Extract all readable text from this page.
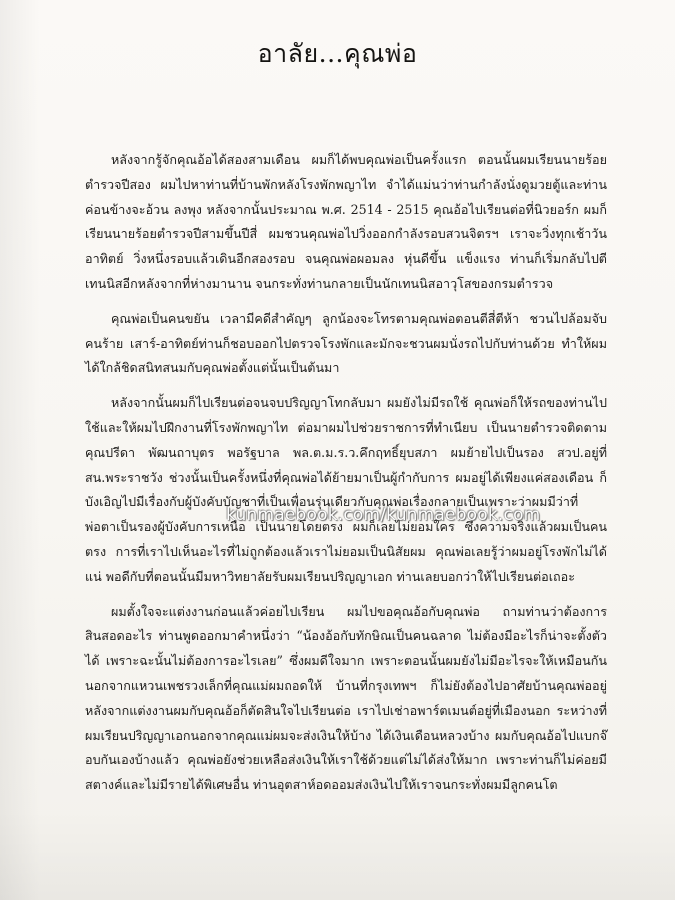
อาลัย...คุณพ่อ

หลังจากรู้จักคุณอ้อได้สองสามเดือน ผมก็ได้พบคุณพ่อเป็นครั้งแรก ตอนนั้นผมเรียนนายร้อยตำรวจปีสอง ผมไปหาท่านที่บ้านพักหลังโรงพักพญาไท จำได้แม่นว่าท่านกำลังนั่งดูมวยตู้และท่านค่อนข้างจะอ้วน ลงพุง หลังจากนั้นประมาณ พ.ศ. 2514 - 2515 คุณอ้อไปเรียนต่อที่นิวยอร์ก ผมก็เรียนนายร้อยตำรวจปีสามขึ้นปีสี่ ผมชวนคุณพ่อไปวิ่งออกกำลังรอบสวนจิตรฯ เราจะวิ่งทุกเช้าวันอาทิตย์ วิ่งหนึ่งรอบแล้วเดินอีกสองรอบ จนคุณพ่อผอมลง หุ่นดีขึ้น แข็งแรง ท่านก็เริ่มกลับไปตีเทนนิสอีกหลังจากที่ห่างมานาน จนกระทั่งท่านกลายเป็นนักเทนนิสอาวุโสของกรมตำรวจ

คุณพ่อเป็นคนขยัน เวลามีคดีสำคัญๆ ลูกน้องจะโทรตามคุณพ่อตอนตีสี่ตีห้า ชวนไปล้อมจับคนร้าย เสาร์-อาทิตย์ท่านก็ชอบออกไปตรวจโรงพักและมักจะชวนผมนั่งรถไปกับท่านด้วย ทำให้ผมได้ใกล้ชิดสนิทสนมกับคุณพ่อตั้งแต่นั้นเป็นต้นมา

หลังจากนั้นผมก็ไปเรียนต่อจนจบปริญญาโทกลับมา ผมยังไม่มีรถใช้ คุณพ่อก็ให้รถของท่านไปใช้และให้ผมไปฝึกงานที่โรงพักพญาไท ต่อมาผมไปช่วยราชการที่ทำเนียบ เป็นนายตำรวจติดตามคุณปรีดา พัฒนถาบุตร พอรัฐบาล พล.ต.ม.ร.ว.คึกฤทธิ์ยุบสภา ผมย้ายไปเป็นรอง สวป.อยู่ที่ สน.พระราชวัง ช่วงนั้นเป็นครั้งหนึ่งที่คุณพ่อได้ย้ายมาเป็นผู้กำกับการ ผมอยู่ได้เพียงแค่สองเดือน ก็บังเอิญไปมีเรื่องกับผู้บังคับบัญชาที่เป็นเพื่อนรุ่นเดียวกับคุณพ่อเรื่องกลายเป็นเพราะว่าผมมีว่าที่พ่อตาเป็นรองผู้บังคับการเหนือ เป็นนายโดยตรง ผมก็เลยไม่ยอมใคร ซึ่งความจริงแล้วผมเป็นคนตรง การที่เราไปเห็นอะไรที่ไม่ถูกต้องแล้วเราไม่ยอมเป็นนิสัยผม คุณพ่อเลยรู้ว่าผมอยู่โรงพักไม่ได้แน่ พอดีกับที่ตอนนั้นมีมหาวิทยาลัยรับผมเรียนปริญญาเอก ท่านเลยบอกว่าให้ไปเรียนต่อเถอะ

ผมตั้งใจจะแต่งงานก่อนแล้วค่อยไปเรียน ผมไปขอคุณอ้อกับคุณพ่อ ถามท่านว่าต้องการสินสอดอะไร ท่านพูดออกมาคำหนึ่งว่า “น้องอ้อกับทักษิณเป็นคนฉลาด ไม่ต้องมีอะไรก็น่าจะตั้งตัวได้ เพราะฉะนั้นไม่ต้องการอะไรเลย” ซึ่งผมดีใจมาก เพราะตอนนั้นผมยังไม่มีอะไรจะให้เหมือนกันนอกจากแหวนเพชรวงเล็กที่คุณแม่ผมถอดให้ บ้านที่กรุงเทพฯ ก็ไม่ยังต้องไปอาศัยบ้านคุณพ่ออยู่ หลังจากแต่งงานผมกับคุณอ้อก็ตัดสินใจไปเรียนต่อ เราไปเช่าอพาร์ตเมนต์อยู่ที่เมืองนอก ระหว่างที่ผมเรียนปริญญาเอกนอกจากคุณแม่ผมจะส่งเงินให้บ้าง ได้เงินเดือนหลวงบ้าง ผมกับคุณอ้อไปแบกจ๊อบกันเองบ้างแล้ว คุณพ่อยังช่วยเหลือส่งเงินให้เราใช้ด้วยแต่ไม่ได้ส่งให้มาก เพราะท่านก็ไม่ค่อยมีสตางค์และไม่มีรายได้พิเศษอื่น ท่านอุตสาห์อดออมส่งเงินไปให้เราจนกระทั่งผมมีลูกคนโต

kunmaebook.com/kunmaebook.com
